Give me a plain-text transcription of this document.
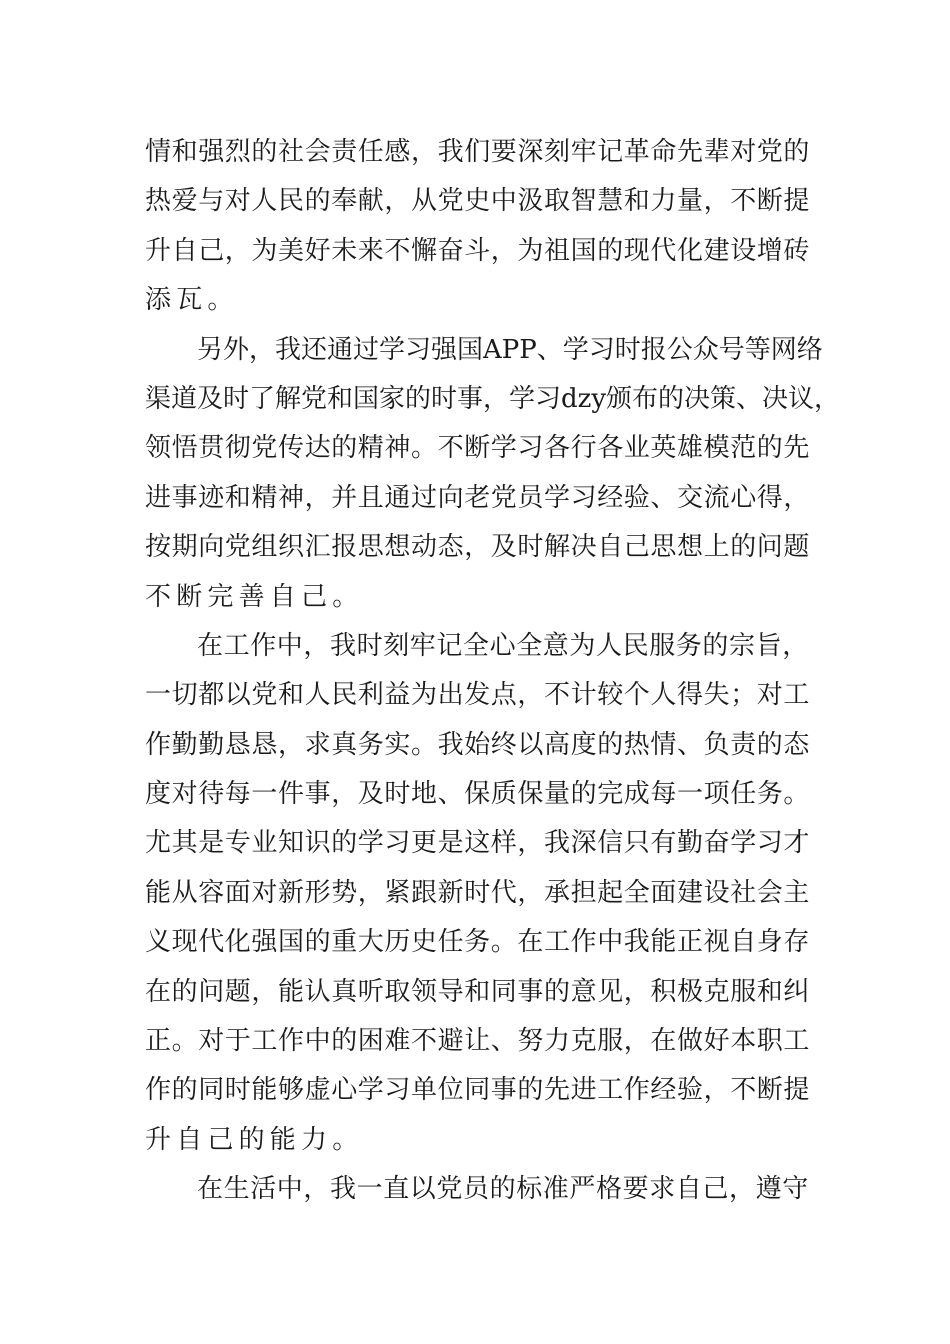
情和强烈的社会责任感，我们要深刻牢记革命先辈对党的
热爱与对人民的奉献，从党史中汲取智慧和力量，不断提
升自己，为美好未来不懈奋斗，为祖国的现代化建设增砖
添瓦。
另外，我还通过学习强国APP、学习时报公众号等网络
渠道及时了解党和国家的时事，学习dzy颁布的决策、决议，
领悟贯彻党传达的精神。不断学习各行各业英雄模范的先
进事迹和精神，并且通过向老党员学习经验、交流心得，
按期向党组织汇报思想动态，及时解决自己思想上的问题
不断完善自己。
在工作中，我时刻牢记全心全意为人民服务的宗旨，
一切都以党和人民利益为出发点，不计较个人得失；对工
作勤勤恳恳，求真务实。我始终以高度的热情、负责的态
度对待每一件事，及时地、保质保量的完成每一项任务。
尤其是专业知识的学习更是这样，我深信只有勤奋学习才
能从容面对新形势，紧跟新时代，承担起全面建设社会主
义现代化强国的重大历史任务。在工作中我能正视自身存
在的问题，能认真听取领导和同事的意见，积极克服和纠
正。对于工作中的困难不避让、努力克服，在做好本职工
作的同时能够虚心学习单位同事的先进工作经验，不断提
升自己的能力。
在生活中，我一直以党员的标准严格要求自己，遵守
